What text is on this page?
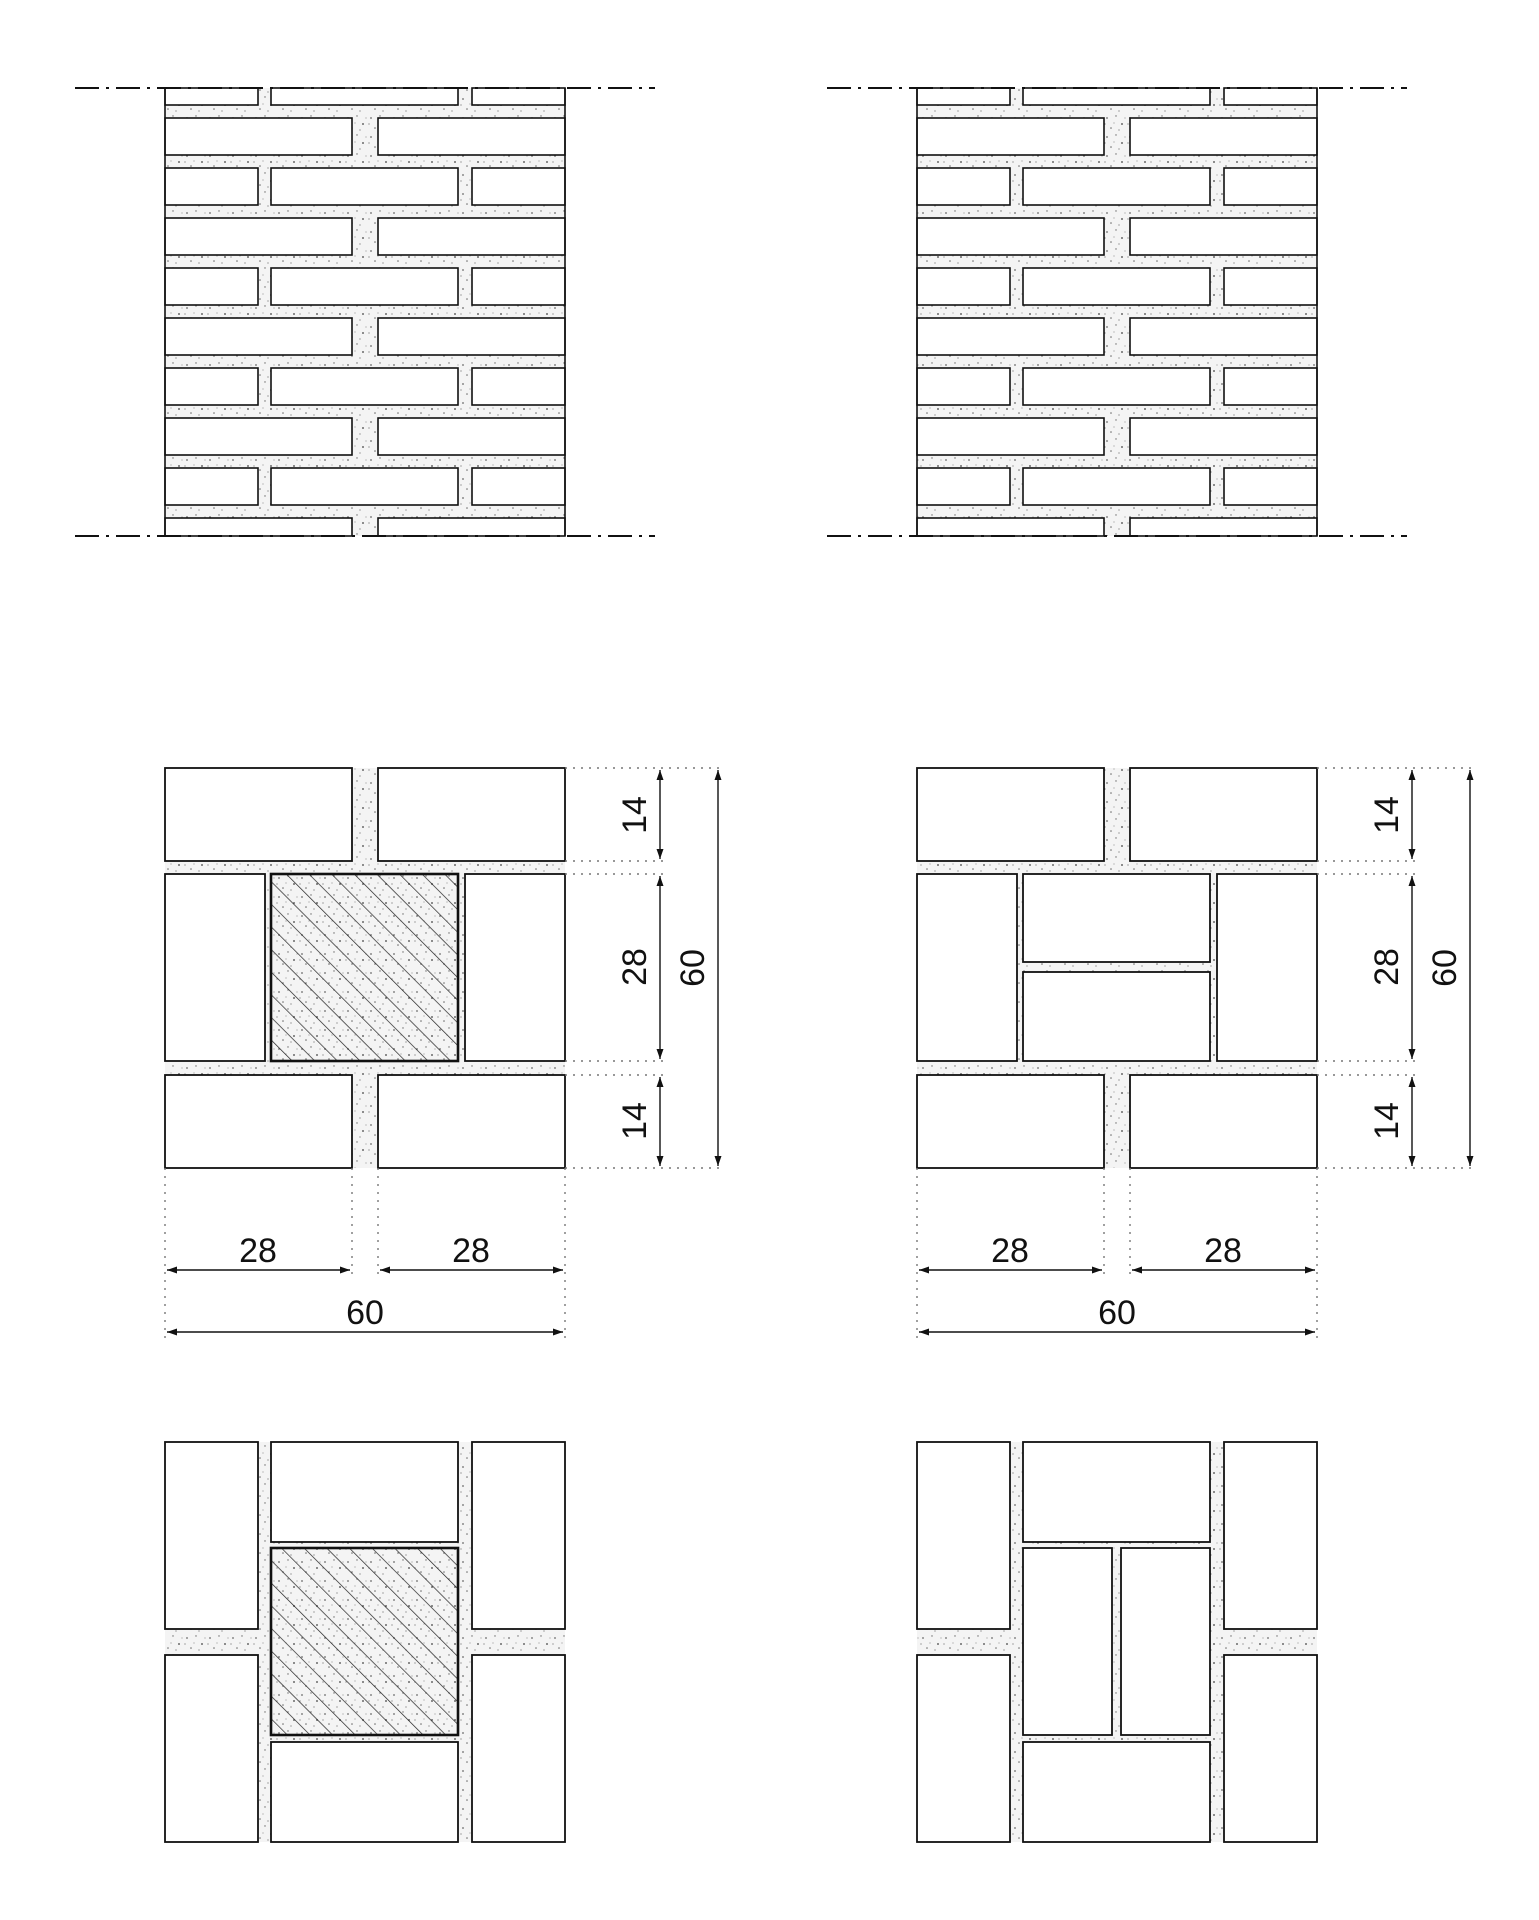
14
28
14
60
28	28
60
14
28
14
60
28	28
60
